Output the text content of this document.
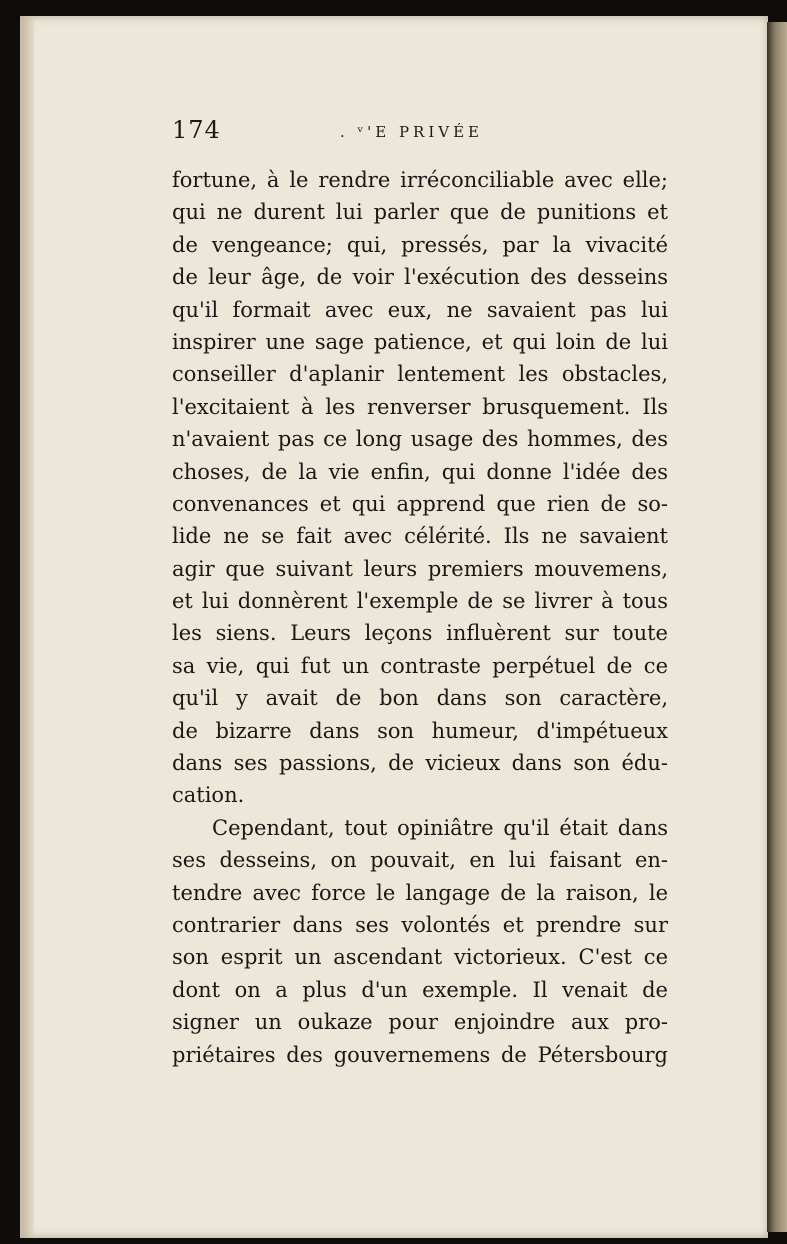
174	. ᵛ'E PRIVÉE
fortune, à le rendre irréconciliable avec elle;
qui ne durent lui parler que de punitions et
de vengeance; qui, pressés, par la vivacité
de leur âge, de voir l'exécution des desseins
qu'il formait avec eux, ne savaient pas lui
inspirer une sage patience, et qui loin de lui
conseiller d'aplanir lentement les obstacles,
l'excitaient à les renverser brusquement. Ils
n'avaient pas ce long usage des hommes, des
choses, de la vie enfin, qui donne l'idée des
convenances et qui apprend que rien de so-
lide ne se fait avec célérité. Ils ne savaient
agir que suivant leurs premiers mouvemens,
et lui donnèrent l'exemple de se livrer à tous
les siens. Leurs leçons influèrent sur toute
sa vie, qui fut un contraste perpétuel de ce
qu'il y avait de bon dans son caractère,
de bizarre dans son humeur, d'impétueux
dans ses passions, de vicieux dans son édu-
cation.
Cependant, tout opiniâtre qu'il était dans
ses desseins, on pouvait, en lui faisant en-
tendre avec force le langage de la raison, le
contrarier dans ses volontés et prendre sur
son esprit un ascendant victorieux. C'est ce
dont on a plus d'un exemple. Il venait de
signer un oukaze pour enjoindre aux pro-
priétaires des gouvernemens de Pétersbourg
